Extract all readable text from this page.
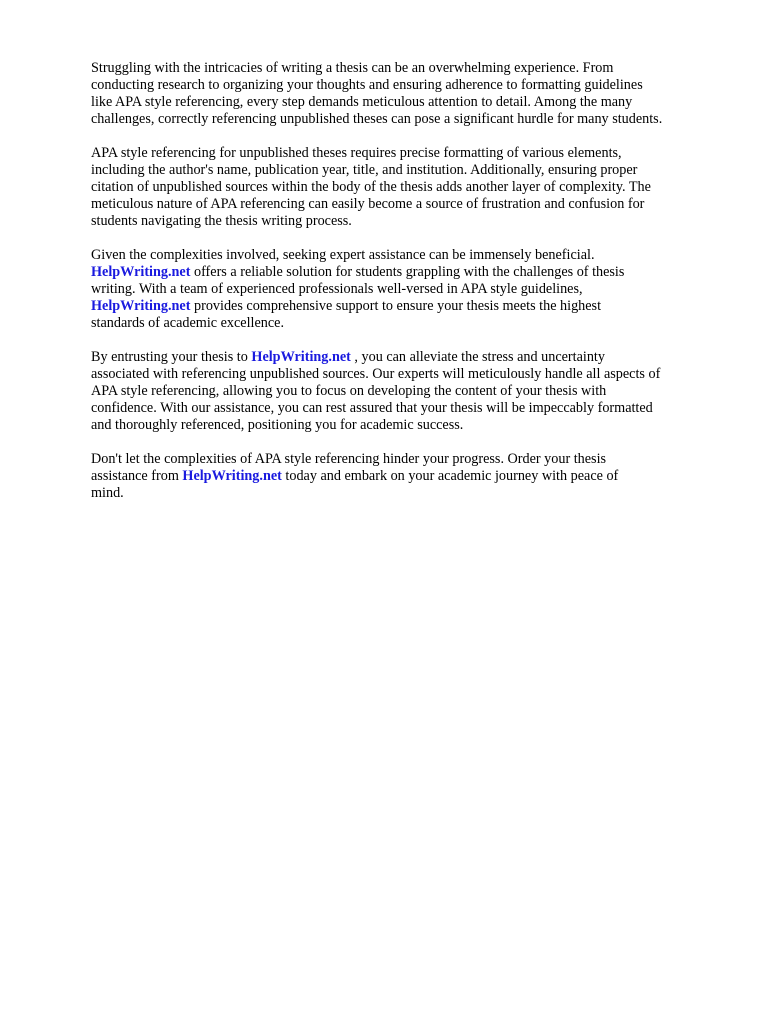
Struggling with the intricacies of writing a thesis can be an overwhelming experience. From
conducting research to organizing your thoughts and ensuring adherence to formatting guidelines
like APA style referencing, every step demands meticulous attention to detail. Among the many
challenges, correctly referencing unpublished theses can pose a significant hurdle for many students.

APA style referencing for unpublished theses requires precise formatting of various elements,
including the author's name, publication year, title, and institution. Additionally, ensuring proper
citation of unpublished sources within the body of the thesis adds another layer of complexity. The
meticulous nature of APA referencing can easily become a source of frustration and confusion for
students navigating the thesis writing process.

Given the complexities involved, seeking expert assistance can be immensely beneficial.
HelpWriting.net offers a reliable solution for students grappling with the challenges of thesis
writing. With a team of experienced professionals well-versed in APA style guidelines,
HelpWriting.net provides comprehensive support to ensure your thesis meets the highest
standards of academic excellence.

By entrusting your thesis to HelpWriting.net , you can alleviate the stress and uncertainty
associated with referencing unpublished sources. Our experts will meticulously handle all aspects of
APA style referencing, allowing you to focus on developing the content of your thesis with
confidence. With our assistance, you can rest assured that your thesis will be impeccably formatted
and thoroughly referenced, positioning you for academic success.

Don't let the complexities of APA style referencing hinder your progress. Order your thesis
assistance from HelpWriting.net today and embark on your academic journey with peace of
mind.
